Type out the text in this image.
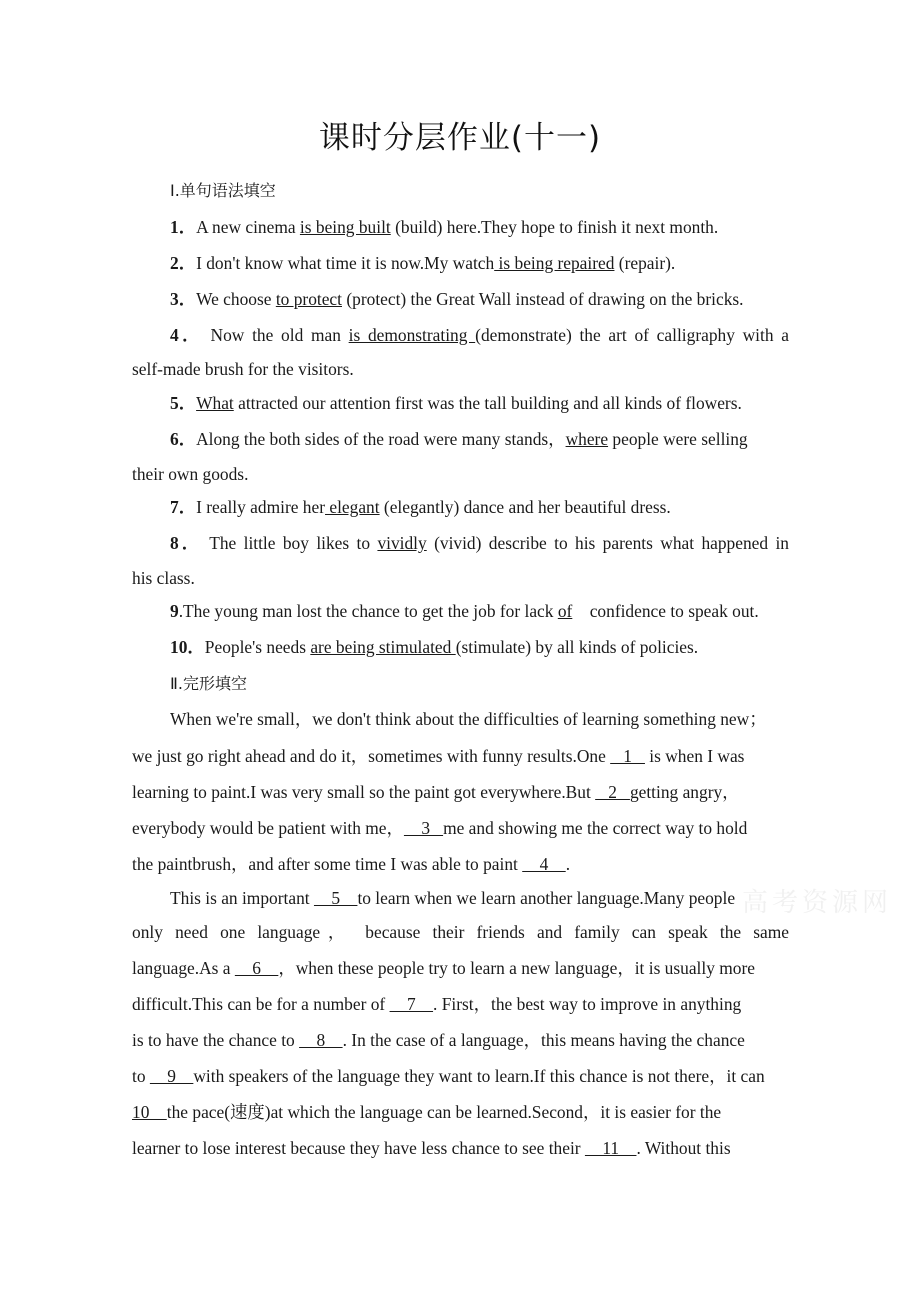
课时分层作业(十一)
Ⅰ.单句语法填空
1．A new cinema is being built (build) here.They hope to finish it next month.
2．I don't know what time it is now.My watch is being repaired (repair).
3．We choose to protect (protect) the Great Wall instead of drawing on the bricks.
4． Now the old man is demonstrating (demonstrate) the art of calligraphy with a
self-made brush for the visitors.
5．What attracted our attention first was the tall building and all kinds of flowers.
6．Along the both sides of the road were many stands，where people were selling
their own goods.
7．I really admire her elegant (elegantly) dance and her beautiful dress.
8． The little boy likes to vividly (vivid) describe to his parents what happened in
his class.
9.The young man lost the chance to get the job for lack of    confidence to speak out.
10．People's needs are being stimulated (stimulate) by all kinds of policies.
Ⅱ.完形填空
When we're small，we don't think about the difficulties of learning something new；
we just go right ahead and do it，sometimes with funny results.One    1    is when I was
learning to paint.I was very small so the paint got everywhere.But    2   getting angry，
everybody would be patient with me，    3   me and showing me the correct way to hold
the paintbrush，and after some time I was able to paint     4    .
This is an important     5    to learn when we learn another language.Many people
only need one language， because their friends and family can speak the same
language.As a     6    ，when these people try to learn a new language，it is usually more
difficult.This can be for a number of     7    . First，the best way to improve in anything
is to have the chance to     8    . In the case of a language，this means having the chance
to     9    with speakers of the language they want to learn.If this chance is not there，it can
10    the pace(速度)at which the language can be learned.Second，it is easier for the
learner to lose interest because they have less chance to see their     11    . Without this
高考资源网
